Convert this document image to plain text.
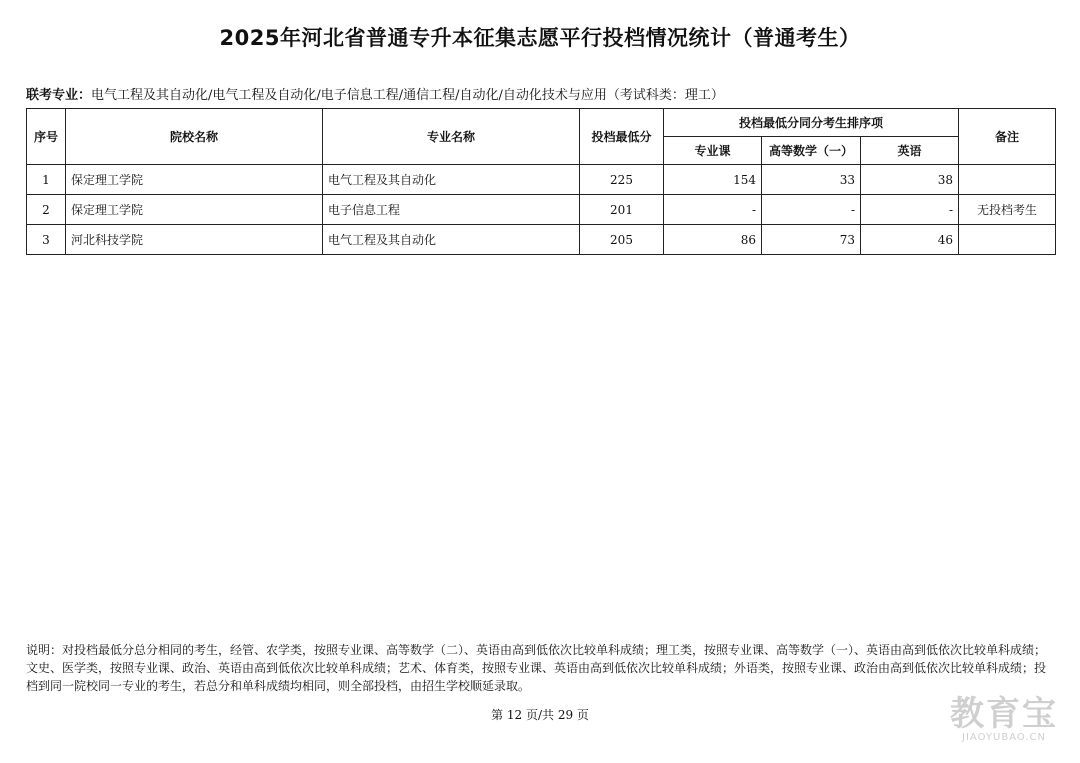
2025年河北省普通专升本征集志愿平行投档情况统计（普通考生）
联考专业：电气工程及其自动化/电气工程及自动化/电子信息工程/通信工程/自动化/自动化技术与应用（考试科类：理工）
序号	院校名称	专业名称	投档最低分	投档最低分同分考生排序项			备注
				专业课	高等数学（一）	英语	
1	保定理工学院	电气工程及其自动化	225	154	33	38	
2	保定理工学院	电子信息工程	201	-	-	-	无投档考生
3	河北科技学院	电气工程及其自动化	205	86	73	46	
说明：对投档最低分总分相同的考生，经管、农学类，按照专业课、高等数学（二）、英语由高到低依次比较单科成绩；理工类，按照专业课、高等数学（一）、英语由高到低依次比较单科成绩；文史、医学类，按照专业课、政治、英语由高到低依次比较单科成绩；艺术、体育类，按照专业课、英语由高到低依次比较单科成绩；外语类，按照专业课、政治由高到低依次比较单科成绩；投档到同一院校同一专业的考生，若总分和单科成绩均相同，则全部投档，由招生学校顺延录取。
第 12 页/共 29 页	教育宝
JIAOYUBAO.CN
